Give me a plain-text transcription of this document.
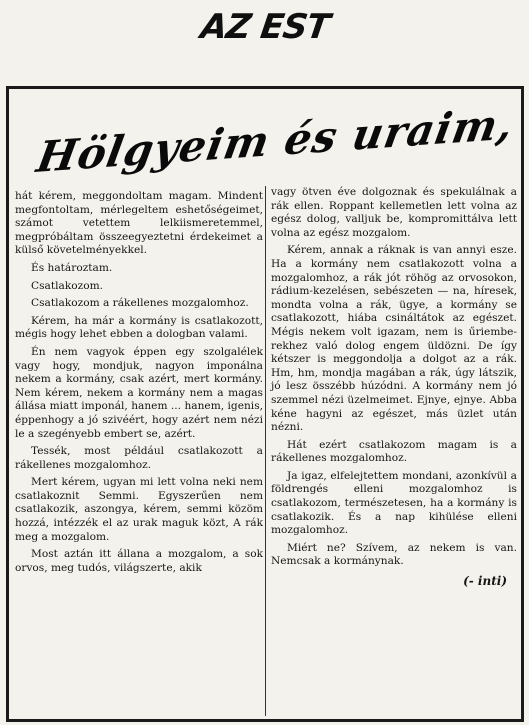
AZ EST
Hölgyeim és uraim,

hát kérem, meggondoltam magam. Mindent megfontoltam, mérlegeltem eshetőségeimet, számot vetettem lelkiismeretemmel, megpróbáltam összeegyeztetni érdekeimet a külső követelményekkel.

És határoztam.

Csatlakozom.

Csatlakozom a rákellenes mozgalomhoz.

Kérem, ha már a kormány is csatlakozott, mégis hogy lehet ebben a dologban valami.

Én nem vagyok éppen egy szolgalélek vagy hogy, mondjuk, nagyon imponálna nekem a kormány, csak azért, mert kormány. Nem kérem, nekem a kormány nem a magas állása miatt imponál, hanem ... hanem, igenis, éppenhogy a jó szivéért, hogy azért nem nézi le a szegényebb embert se, azért.

Tessék, most például csatlakozott a rákellenes mozgalomhoz.

Mert kérem, ugyan mi lett volna neki nem csatlakoznit Semmi. Egyszerűen nem csatlakozik, aszongya, kérem, semmi közöm hozzá, intézzék el az urak maguk közt, A rák meg a mozgalom.

Most aztán itt állana a mozgalom, a sok orvos, meg tudós, világszerte, akik

vagy ötven éve dolgoznak és spekulálnak a rák ellen. Roppant kellemetlen lett volna az egész dolog, valljuk be, kompromittálva lett volna az egész mozgalom.

Kérem, annak a ráknak is van annyi esze. Ha a kormány nem csatlakozott volna a mozgalomhoz, a rák jót röhög az orvosokon, rádium-kezelésen, sebészeten — na, híresek, mondta volna a rák, ügye, a kormány se csatlakozott, hiába csináltátok az egészet. Mégis nekem volt igazam, nem is űriembe-rekhez való dolog engem üldözni. De így kétszer is meggondolja a dolgot az a rák. Hm, hm, mondja magában a rák, úgy látszik, jó lesz összébb húzódni. A kormány nem jó szemmel nézi üzelmeimet. Ejnye, ejnye. Abba kéne hagyni az egészet, más üzlet után nézni.

Hát ezért csatlakozom magam is a rákellenes mozgalomhoz.

Ja igaz, elfelejtettem mondani, azonkívül a földrengés elleni mozgalomhoz is csatlakozom, természetesen, ha a kormány is csatlakozik. És a nap kihülése elleni mozgalomhoz.

Miért ne? Szívem, az nekem is van. Nemcsak a kormánynak.

(- inti)
